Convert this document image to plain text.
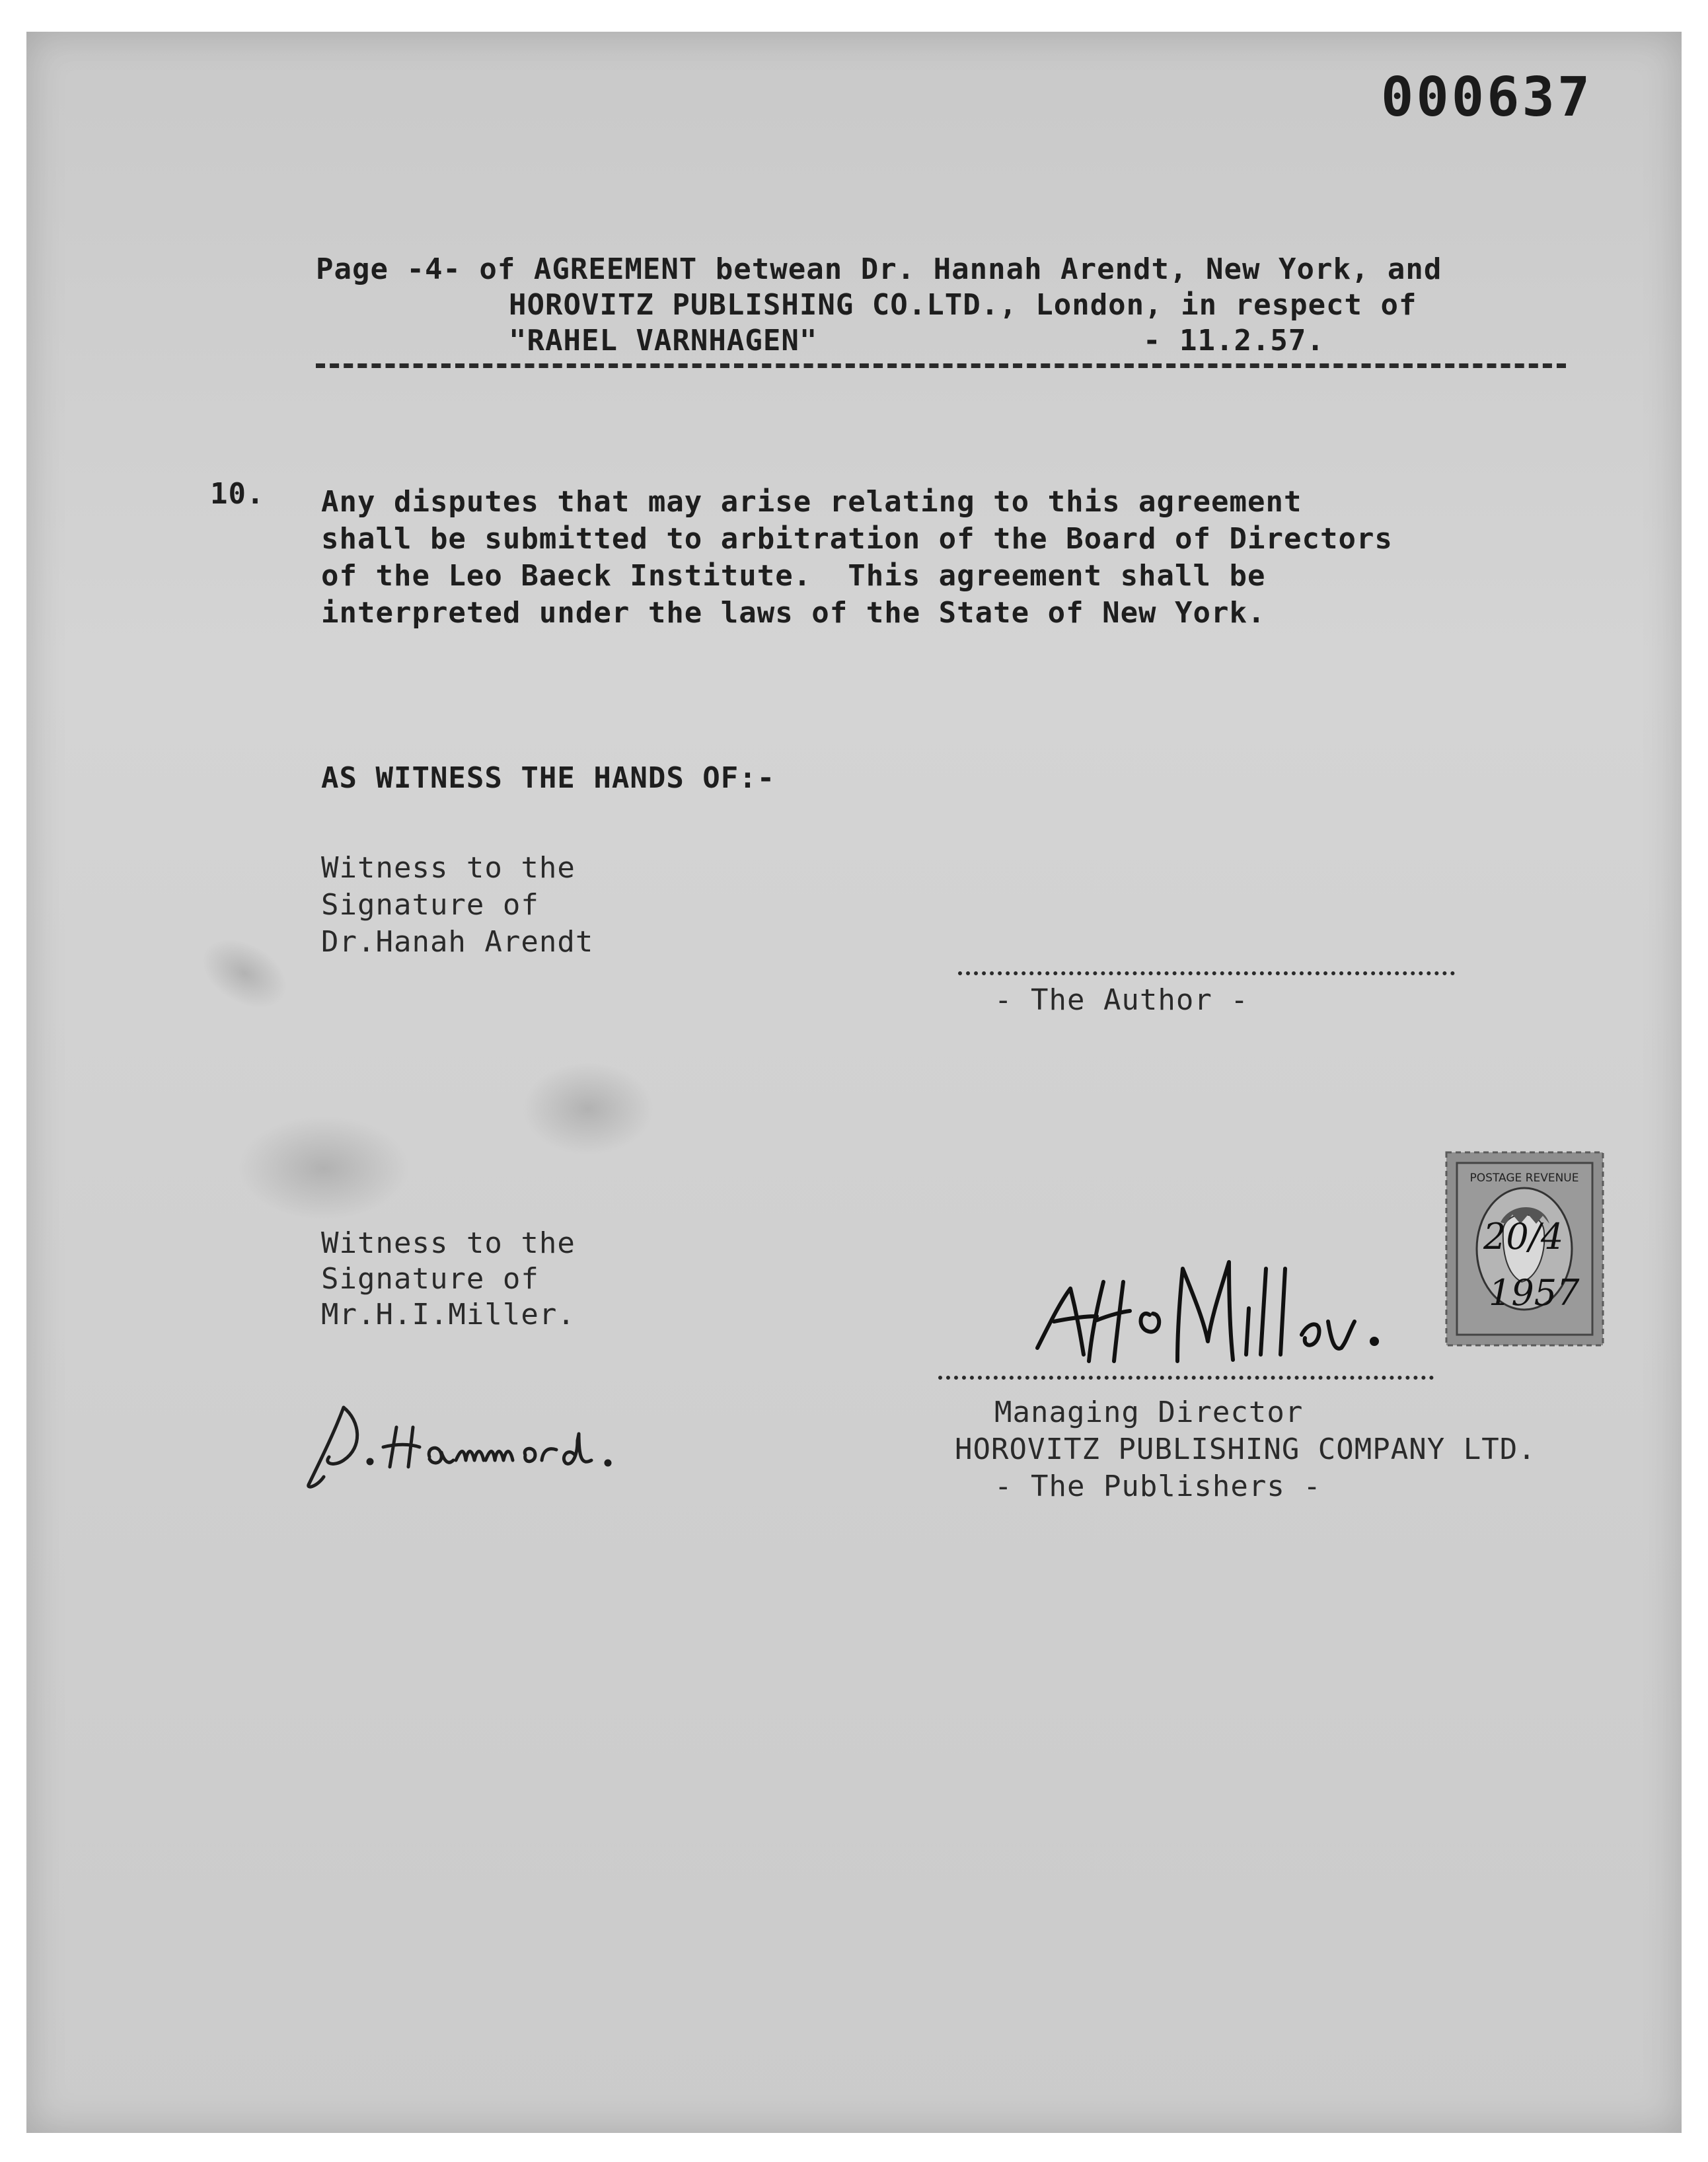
000637
Page -4- of AGREEMENT betwean Dr. Hannah Arendt, New York, and
HOROVITZ PUBLISHING CO.LTD., London, in respect of
"RAHEL VARNHAGEN"	- 11.2.57.
10. Any disputes that may arise relating to this agreement
shall be submitted to arbitration of the Board of Directors
of the Leo Baeck Institute.  This agreement shall be
interpreted under the laws of the State of New York.
AS WITNESS THE HANDS OF:-
Witness to the
Signature of
Dr.Hanah Arendt
- The Author -
Witness to the
Signature of
Mr.H.I.Miller.
Managing Director
HOROVITZ PUBLISHING COMPANY LTD.
- The Publishers -
POSTAGE REVENUE
20/4
1957
